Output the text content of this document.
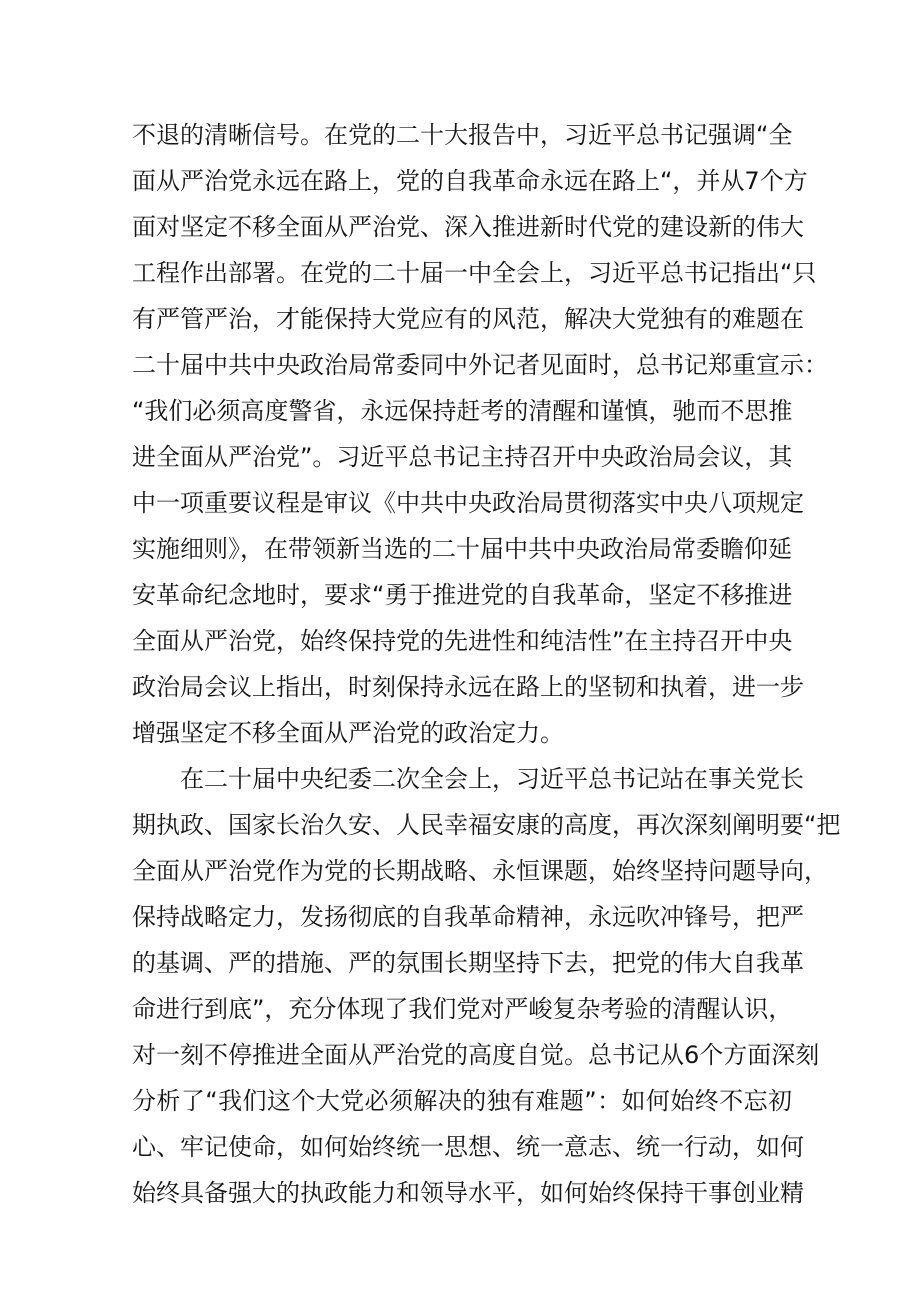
不退的清晰信号。在党的二十大报告中，习近平总书记强调“全
面从严治党永远在路上，党的自我革命永远在路上“，并从7个方
面对坚定不移全面从严治党、深入推进新时代党的建设新的伟大
工程作出部署。在党的二十届一中全会上，习近平总书记指出“只
有严管严治，才能保持大党应有的风范，解决大党独有的难题在
二十届中共中央政治局常委同中外记者见面时，总书记郑重宣示：
“我们必须高度警省，永远保持赶考的清醒和谨慎，驰而不思推
进全面从严治党”。习近平总书记主持召开中央政治局会议，其
中一项重要议程是审议《中共中央政治局贯彻落实中央八项规定
实施细则》，在带领新当选的二十届中共中央政治局常委瞻仰延
安革命纪念地时，要求“勇于推进党的自我革命，坚定不移推进
全面从严治党，始终保持党的先进性和纯洁性”在主持召开中央
政治局会议上指出，时刻保持永远在路上的坚韧和执着，进一步
增强坚定不移全面从严治党的政治定力。
在二十届中央纪委二次全会上，习近平总书记站在事关党长
期执政、国家长治久安、人民幸福安康的高度，再次深刻阐明要“把
全面从严治党作为党的长期战略、永恒课题，始终坚持问题导向，
保持战略定力，发扬彻底的自我革命精神，永远吹冲锋号，把严
的基调、严的措施、严的氛围长期坚持下去，把党的伟大自我革
命进行到底”，充分体现了我们党对严峻复杂考验的清醒认识，
对一刻不停推进全面从严治党的高度自觉。总书记从6个方面深刻
分析了“我们这个大党必须解决的独有难题”：如何始终不忘初
心、牢记使命，如何始终统一思想、统一意志、统一行动，如何
始终具备强大的执政能力和领导水平，如何始终保持干事创业精
